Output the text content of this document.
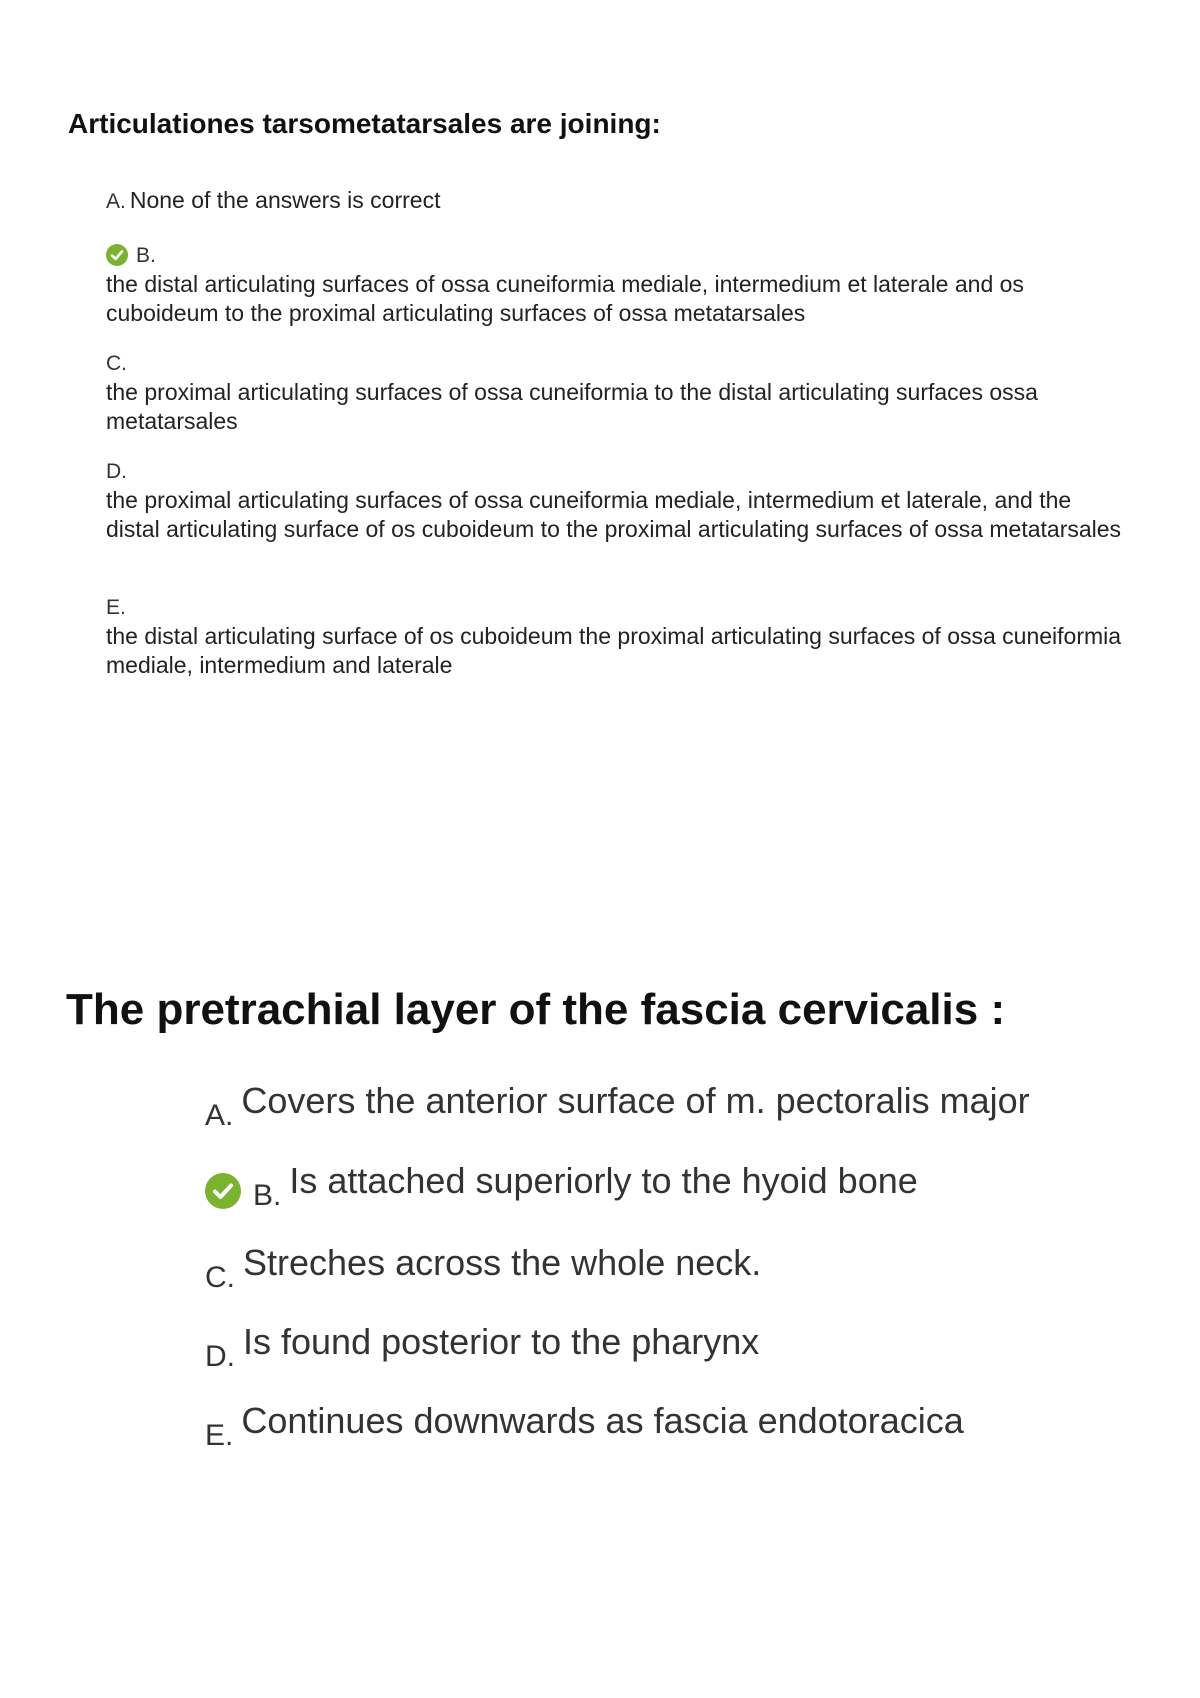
Articulationes tarsometatarsales are joining:
A. None of the answers is correct
B.
the distal articulating surfaces of ossa cuneiformia mediale, intermedium et laterale and os cuboideum to the proximal articulating surfaces of ossa metatarsales
C.
the proximal articulating surfaces of ossa cuneiformia to the distal articulating surfaces ossa metatarsales
D.
the proximal articulating surfaces of ossa cuneiformia mediale, intermedium et laterale, and the distal articulating surface of os cuboideum to the proximal articulating surfaces of ossa metatarsales
E.
the distal articulating surface of os cuboideum the proximal articulating surfaces of ossa cuneiformia mediale, intermedium and laterale
The pretrachial layer of the fascia cervicalis :
$_{A.}$ Covers the anterior surface of m. pectoralis major
$_{B.}$ Is attached superiorly to the hyoid bone
$_{C.}$ Streches across the whole neck.
$_{D.}$ Is found posterior to the pharynx
$_{E.}$ Continues downwards as fascia endotoracica
